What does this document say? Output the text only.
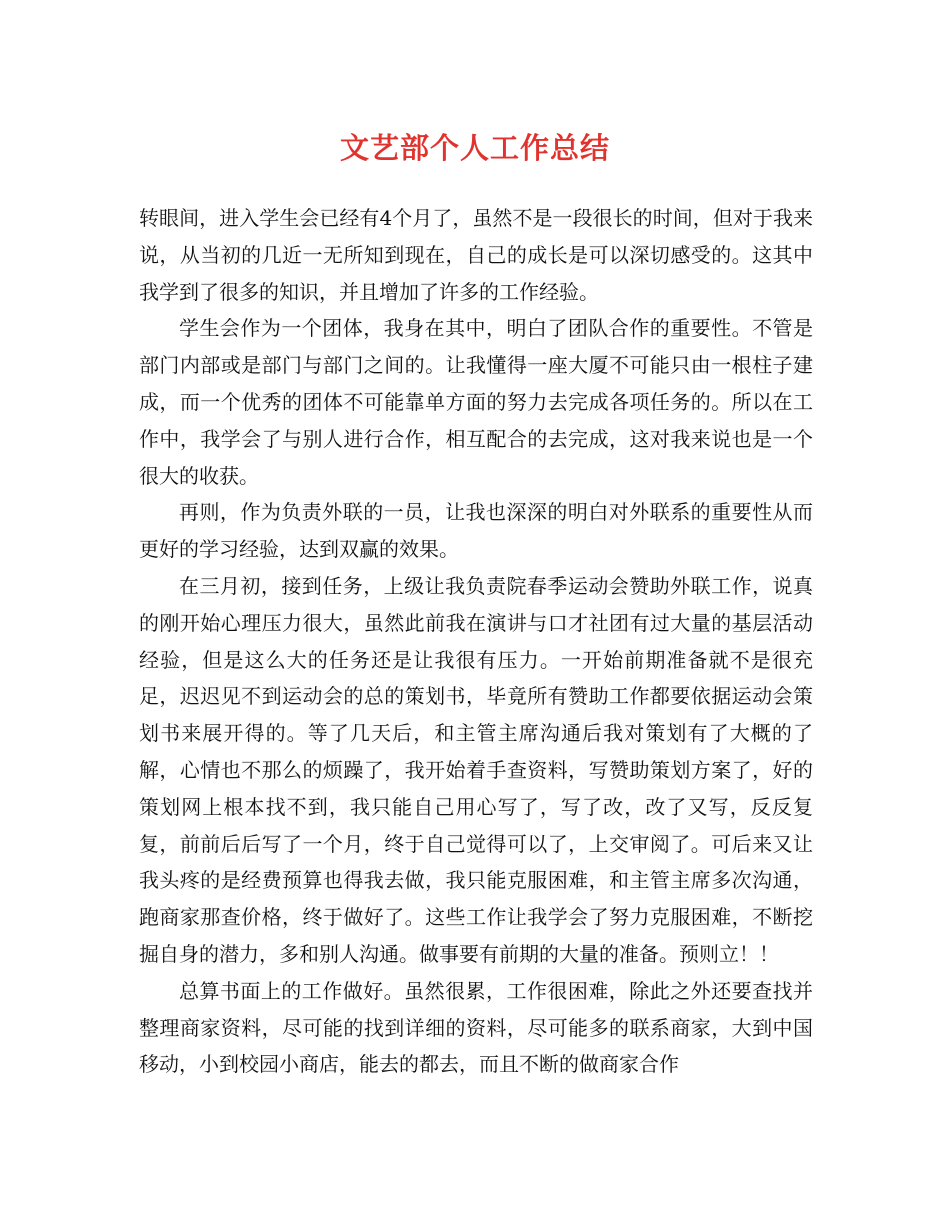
文艺部个人工作总结

转眼间，进入学生会已经有4个月了，虽然不是一段很长的时间，但对于我来说，从当初的几近一无所知到现在，自己的成长是可以深切感受的。这其中我学到了很多的知识，并且增加了许多的工作经验。

学生会作为一个团体，我身在其中，明白了团队合作的重要性。不管是部门内部或是部门与部门之间的。让我懂得一座大厦不可能只由一根柱子建成，而一个优秀的团体不可能靠单方面的努力去完成各项任务的。所以在工作中，我学会了与别人进行合作，相互配合的去完成，这对我来说也是一个很大的收获。

再则，作为负责外联的一员，让我也深深的明白对外联系的重要性从而更好的学习经验，达到双赢的效果。

在三月初，接到任务，上级让我负责院春季运动会赞助外联工作，说真的刚开始心理压力很大，虽然此前我在演讲与口才社团有过大量的基层活动经验，但是这么大的任务还是让我很有压力。一开始前期准备就不是很充足，迟迟见不到运动会的总的策划书，毕竟所有赞助工作都要依据运动会策划书来展开得的。等了几天后，和主管主席沟通后我对策划有了大概的了解，心情也不那么的烦躁了，我开始着手查资料，写赞助策划方案了，好的策划网上根本找不到，我只能自己用心写了，写了改，改了又写，反反复复，前前后后写了一个月，终于自己觉得可以了，上交审阅了。可后来又让我头疼的是经费预算也得我去做，我只能克服困难，和主管主席多次沟通，跑商家那查价格，终于做好了。这些工作让我学会了努力克服困难，不断挖掘自身的潜力，多和别人沟通。做事要有前期的大量的准备。预则立！！

总算书面上的工作做好。虽然很累，工作很困难，除此之外还要查找并整理商家资料，尽可能的找到详细的资料，尽可能多的联系商家，大到中国移动，小到校园小商店，能去的都去，而且不断的做商家合作
